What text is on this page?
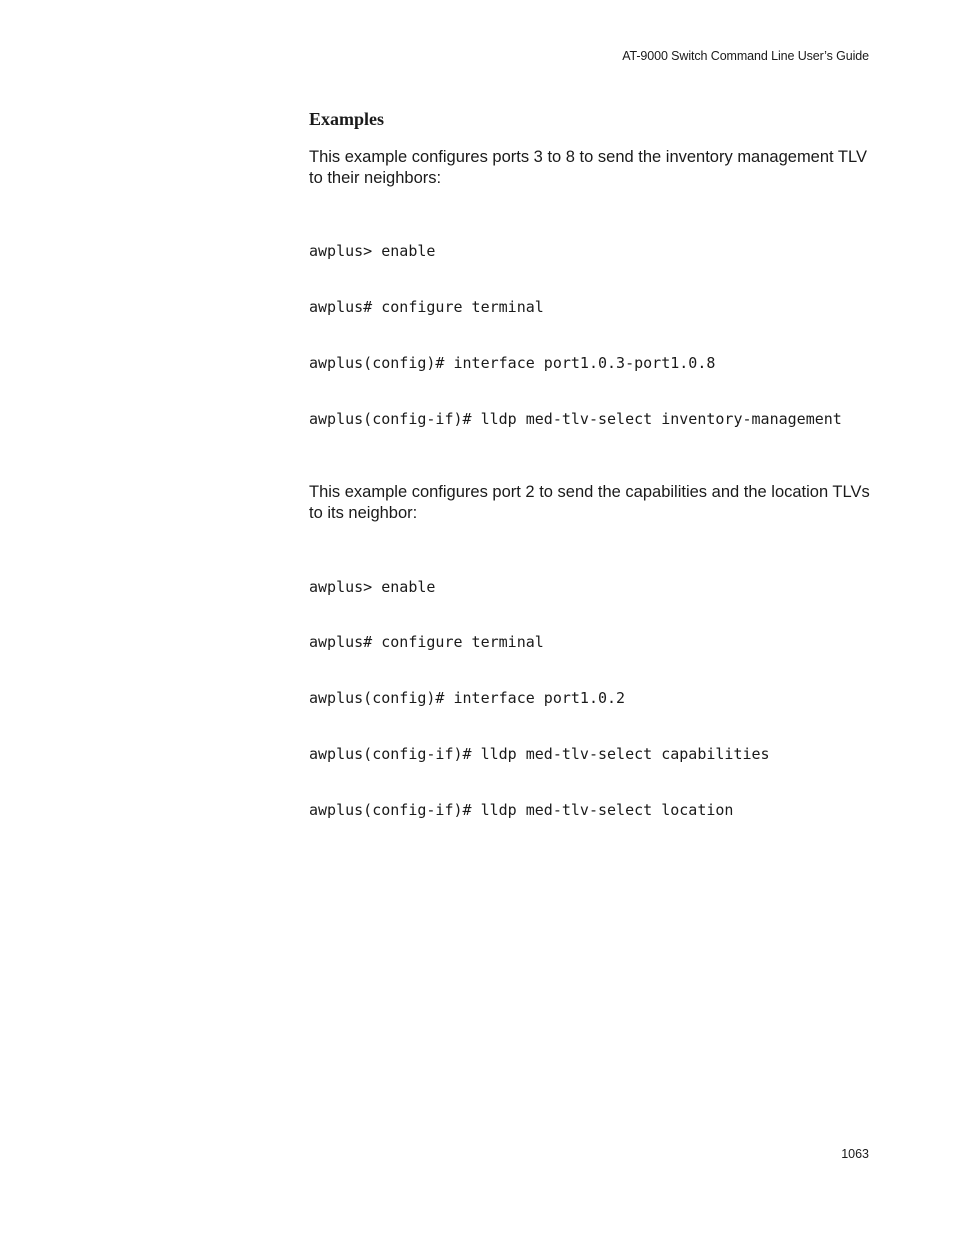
AT-9000 Switch Command Line User’s Guide
Examples

This example configures ports 3 to 8 to send the inventory management TLV to their neighbors:

awplus> enable

awplus# configure terminal

awplus(config)# interface port1.0.3-port1.0.8

awplus(config-if)# lldp med-tlv-select inventory-management

This example configures port 2 to send the capabilities and the location TLVs to its neighbor:

awplus> enable

awplus# configure terminal

awplus(config)# interface port1.0.2

awplus(config-if)# lldp med-tlv-select capabilities

awplus(config-if)# lldp med-tlv-select location

1063
